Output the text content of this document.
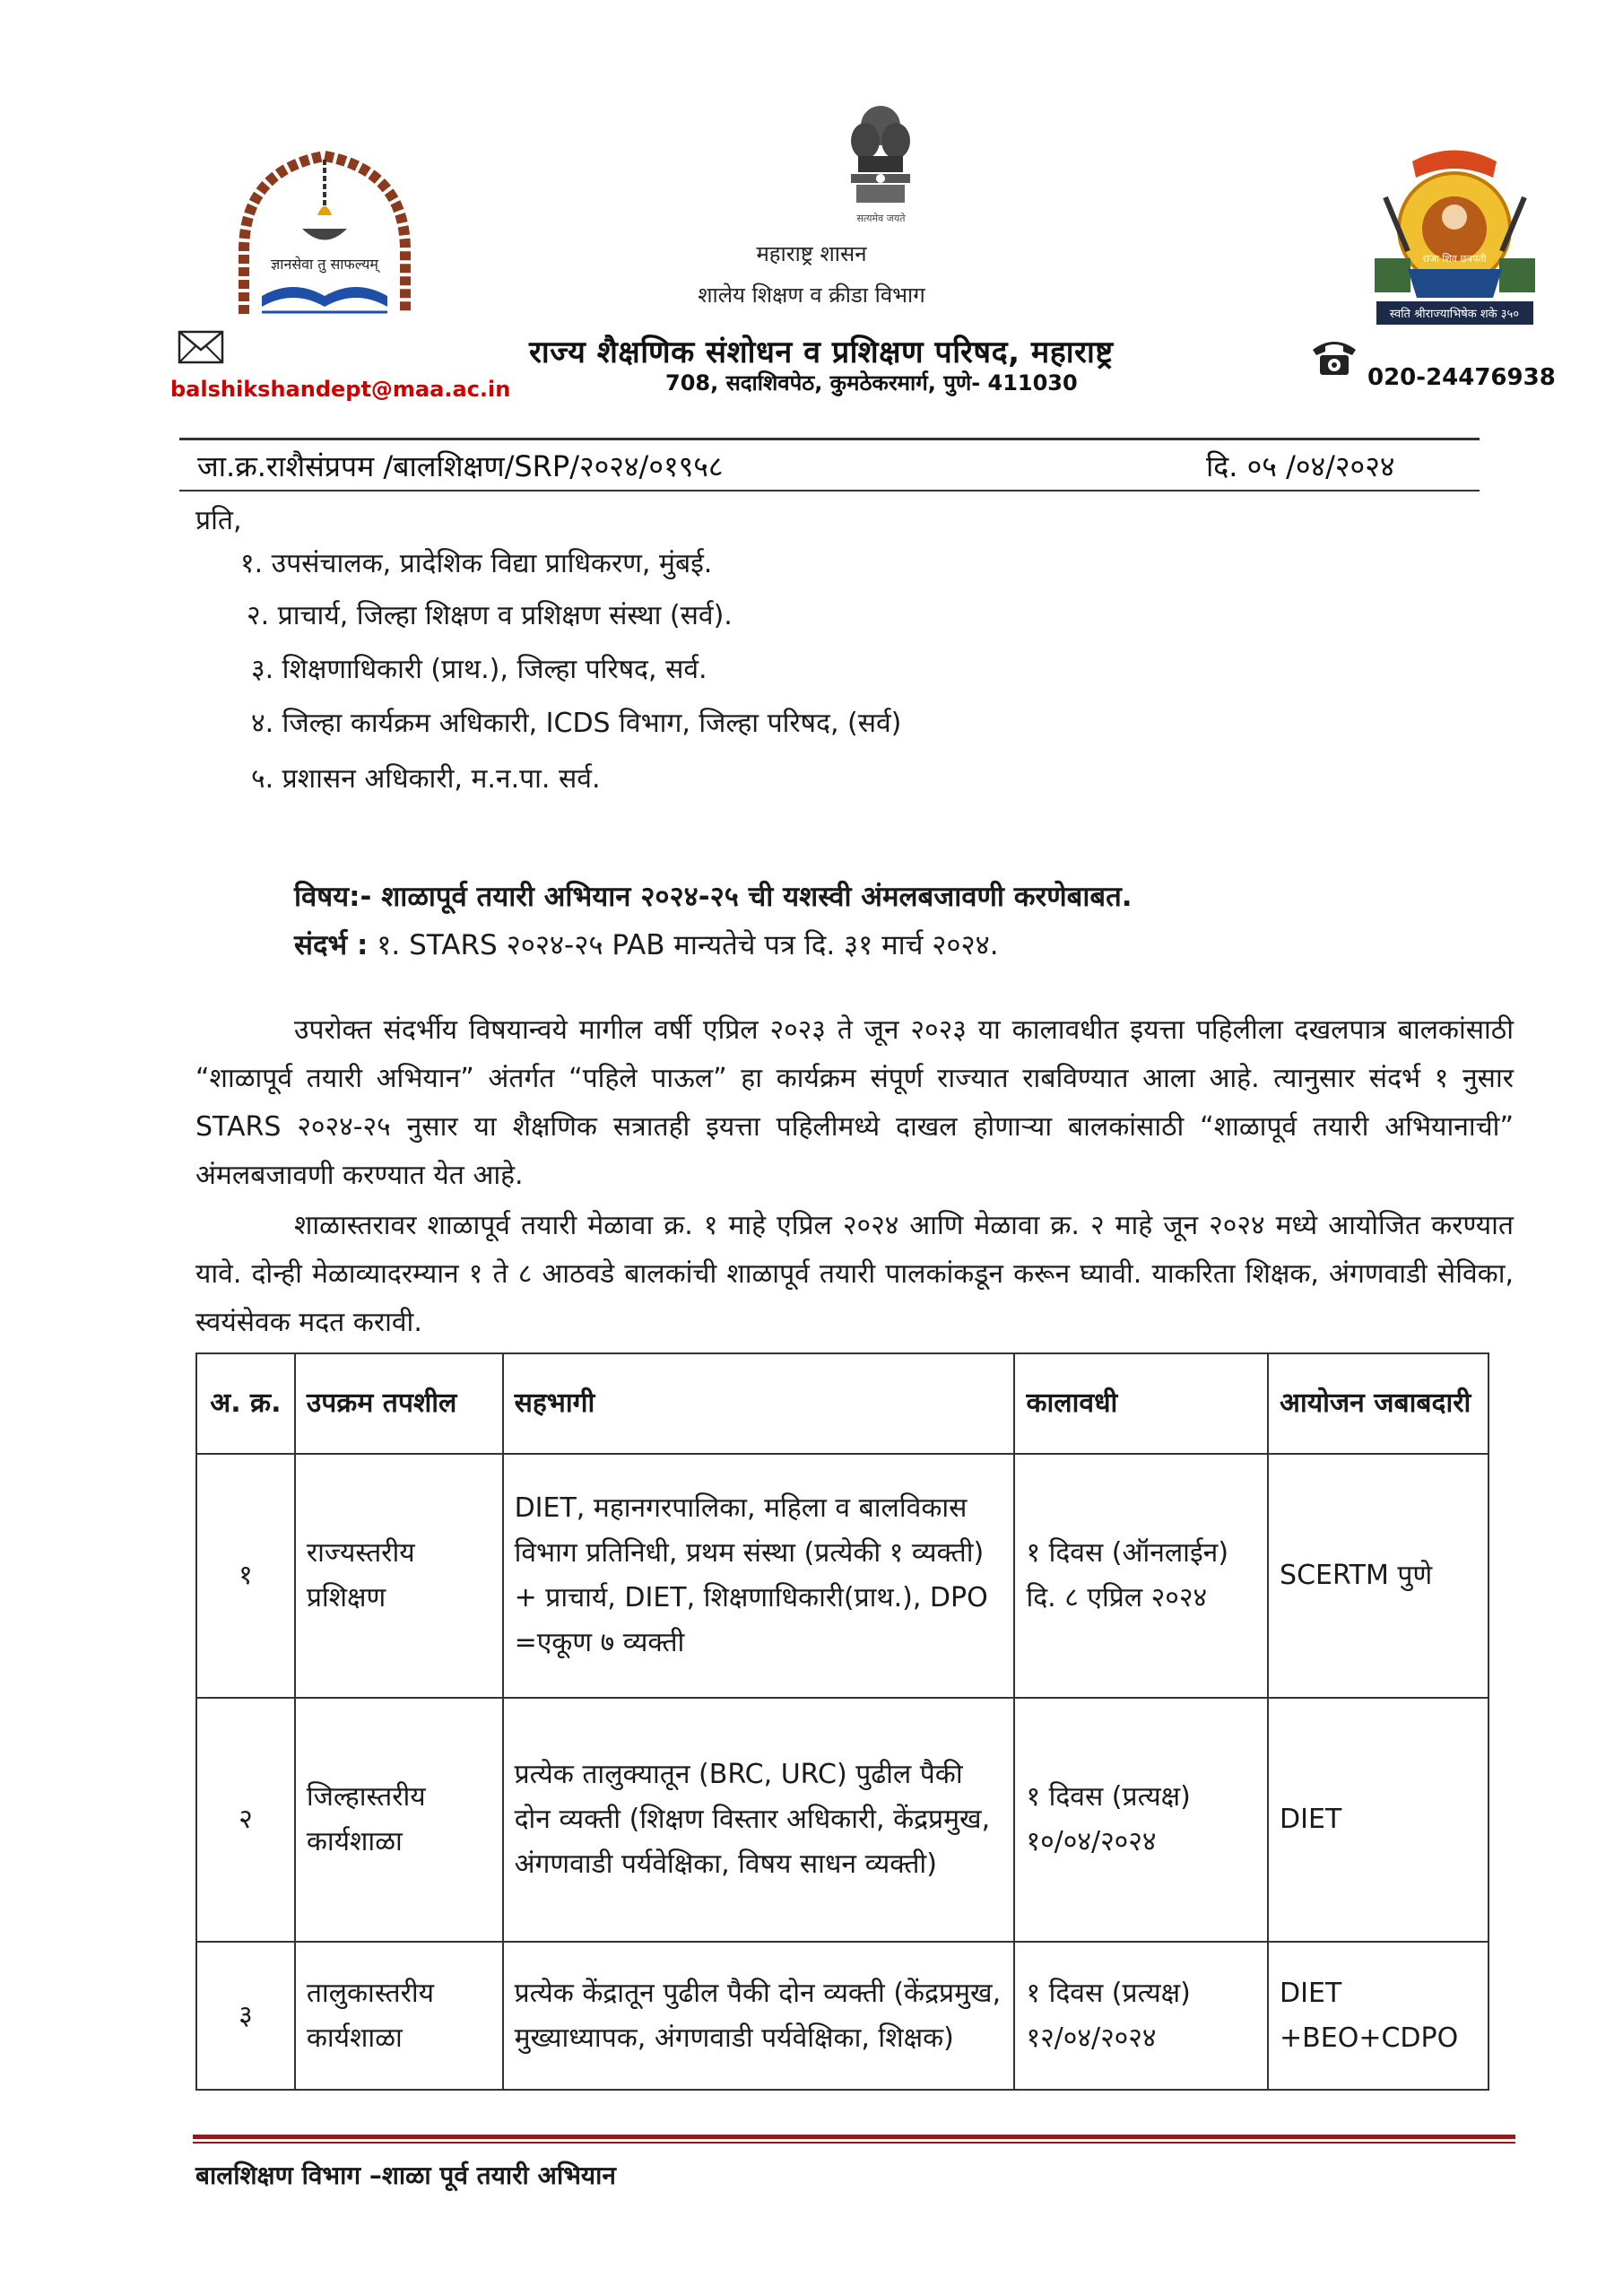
ज्ञानसेवा तु साफल्यम्
सत्यमेव जयते
राजा शिव छत्रपती
स्वति श्रीराज्याभिषेक शके ३५०
महाराष्ट्र शासन
शालेय शिक्षण व क्रीडा विभाग
राज्य शैक्षणिक संशोधन व प्रशिक्षण परिषद, महाराष्ट्र
708, सदाशिवपेठ, कुमठेकरमार्ग, पुणे- 411030
balshikshandept@maa.ac.in	020-24476938
जा.क्र.राशैसंप्रपम /बालशिक्षण/SRP/२०२४/०१९५८	दि. ०५ /०४/२०२४
प्रति,
१. उपसंचालक, प्रादेशिक विद्या प्राधिकरण, मुंबई.
२. प्राचार्य, जिल्हा शिक्षण व प्रशिक्षण संस्था (सर्व).
३. शिक्षणाधिकारी (प्राथ.), जिल्हा परिषद, सर्व.
४. जिल्हा कार्यक्रम अधिकारी, ICDS विभाग, जिल्हा परिषद, (सर्व)
५. प्रशासन अधिकारी, म.न.पा. सर्व.
विषय:- शाळापूर्व तयारी अभियान २०२४-२५ ची यशस्वी अंमलबजावणी करणेबाबत.
संदर्भ : १. STARS २०२४-२५ PAB मान्यतेचे पत्र दि. ३१ मार्च २०२४.

उपरोक्त संदर्भीय विषयान्वये मागील वर्षी एप्रिल २०२३ ते जून २०२३ या कालावधीत इयत्ता पहिलीला दखलपात्र बालकांसाठी “शाळापूर्व तयारी अभियान” अंतर्गत “पहिले पाऊल” हा कार्यक्रम संपूर्ण राज्यात राबविण्यात आला आहे. त्यानुसार संदर्भ १ नुसार STARS २०२४-२५ नुसार या शैक्षणिक सत्रातही इयत्ता पहिलीमध्ये दाखल होणाऱ्या बालकांसाठी “शाळापूर्व तयारी अभियानाची” अंमलबजावणी करण्यात येत आहे.

शाळास्तरावर शाळापूर्व तयारी मेळावा क्र. १ माहे एप्रिल २०२४ आणि मेळावा क्र. २ माहे जून २०२४ मध्ये आयोजित करण्यात यावे. दोन्ही मेळाव्यादरम्यान १ ते ८ आठवडे बालकांची शाळापूर्व तयारी पालकांकडून करून घ्यावी. याकरिता शिक्षक, अंगणवाडी सेविका, स्वयंसेवक मदत करावी.

अ. क्र.	उपक्रम तपशील	सहभागी	कालावधी	आयोजन जबाबदारी
१	राज्यस्तरीय प्रशिक्षण	DIET, महानगरपालिका, महिला व बालविकास विभाग प्रतिनिधी, प्रथम संस्था (प्रत्येकी १ व्यक्ती) + प्राचार्य, DIET, शिक्षणाधिकारी(प्राथ.), DPO =एकूण ७ व्यक्ती	१ दिवस (ऑनलाईन) दि. ८ एप्रिल २०२४	SCERTM पुणे
२	जिल्हास्तरीय कार्यशाळा	प्रत्येक तालुक्यातून (BRC, URC) पुढील पैकी दोन व्यक्ती (शिक्षण विस्तार अधिकारी, केंद्रप्रमुख, अंगणवाडी पर्यवेक्षिका, विषय साधन व्यक्ती)	१ दिवस (प्रत्यक्ष) १०/०४/२०२४	DIET
३	तालुकास्तरीय कार्यशाळा	प्रत्येक केंद्रातून पुढील पैकी दोन व्यक्ती (केंद्रप्रमुख, मुख्याध्यापक, अंगणवाडी पर्यवेक्षिका, शिक्षक)	१ दिवस (प्रत्यक्ष) १२/०४/२०२४	DIET +BEO+CDPO
बालशिक्षण विभाग –शाळा पूर्व तयारी अभियान
